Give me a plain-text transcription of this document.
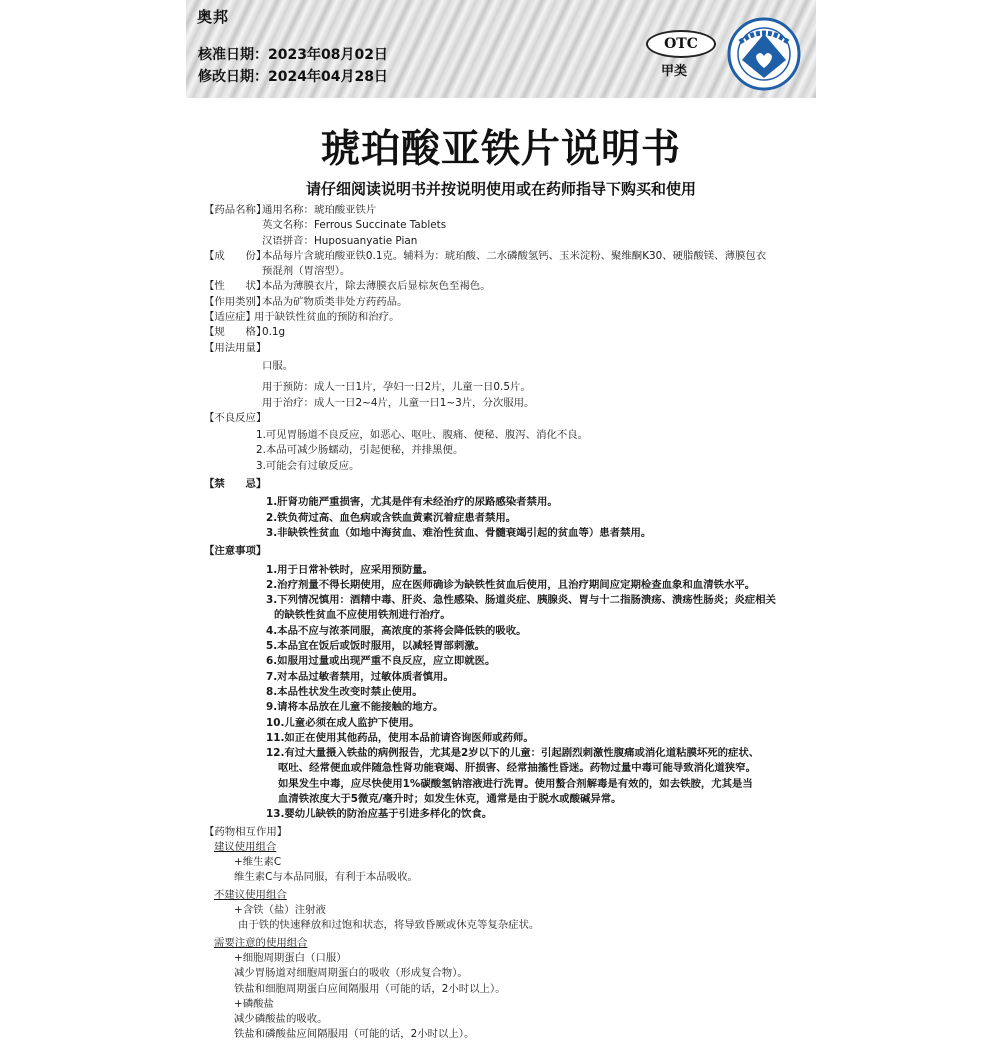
奥邦
核准日期：2023年08月02日
修改日期：2024年04月28日
OTC
甲类
琥珀酸亚铁片说明书
请仔细阅读说明书并按说明使用或在药师指导下购买和使用
【药品名称】
通用名称：琥珀酸亚铁片
英文名称：Ferrous Succinate Tablets
汉语拼音：Huposuanyatie Pian
【成　　份】
本品每片含琥珀酸亚铁0.1克。辅料为：琥珀酸、二水磷酸氢钙、玉米淀粉、聚维酮K30、硬脂酸镁、薄膜包衣
预混剂（胃溶型）。
【性　　状】
本品为薄膜衣片，除去薄膜衣后显棕灰色至褐色。
【作用类别】
本品为矿物质类非处方药药品。
【适应症】
用于缺铁性贫血的预防和治疗。
【规　　格】
0.1g
【用法用量】
口服。
用于预防：成人一日1片，孕妇一日2片，儿童一日0.5片。
用于治疗：成人一日2~4片，儿童一日1~3片，分次服用。
【不良反应】
1.可见胃肠道不良反应，如恶心、呕吐、腹痛、便秘、腹泻、消化不良。
2.本品可减少肠蠕动，引起便秘，并排黑便。
3.可能会有过敏反应。
【禁　　忌】
1.肝肾功能严重损害，尤其是伴有未经治疗的尿路感染者禁用。
2.铁负荷过高、血色病或含铁血黄素沉着症患者禁用。
3.非缺铁性贫血（如地中海贫血、难治性贫血、骨髓衰竭引起的贫血等）患者禁用。
【注意事项】
1.用于日常补铁时，应采用预防量。
2.治疗剂量不得长期使用，应在医师确诊为缺铁性贫血后使用，且治疗期间应定期检查血象和血清铁水平。
3.下列情况慎用：酒精中毒、肝炎、急性感染、肠道炎症、胰腺炎、胃与十二指肠溃疡、溃疡性肠炎；炎症相关
的缺铁性贫血不应使用铁剂进行治疗。
4.本品不应与浓茶同服，高浓度的茶将会降低铁的吸收。
5.本品宜在饭后或饭时服用，以减轻胃部刺激。
6.如服用过量或出现严重不良反应，应立即就医。
7.对本品过敏者禁用，过敏体质者慎用。
8.本品性状发生改变时禁止使用。
9.请将本品放在儿童不能接触的地方。
10.儿童必须在成人监护下使用。
11.如正在使用其他药品，使用本品前请咨询医师或药师。
12.有过大量摄入铁盐的病例报告，尤其是2岁以下的儿童：引起剧烈刺激性腹痛或消化道粘膜坏死的症状、
呕吐、经常便血或伴随急性肾功能衰竭、肝损害、经常抽搐性昏迷。药物过量中毒可能导致消化道狭窄。
如果发生中毒，应尽快使用1%碳酸氢钠溶液进行洗胃。使用螯合剂解毒是有效的，如去铁胺，尤其是当
血清铁浓度大于5微克/毫升时；如发生休克，通常是由于脱水或酸碱异常。
13.婴幼儿缺铁的防治应基于引进多样化的饮食。
【药物相互作用】
建议使用组合
+维生素C
维生素C与本品同服，有利于本品吸收。
不建议使用组合
+含铁（盐）注射液
由于铁的快速释放和过饱和状态，将导致昏厥或休克等复杂症状。
需要注意的使用组合
+细胞周期蛋白（口服）
减少胃肠道对细胞周期蛋白的吸收（形成复合物）。
铁盐和细胞周期蛋白应间隔服用（可能的话，2小时以上）。
+磷酸盐
减少磷酸盐的吸收。
铁盐和磷酸盐应间隔服用（可能的话，2小时以上）。
